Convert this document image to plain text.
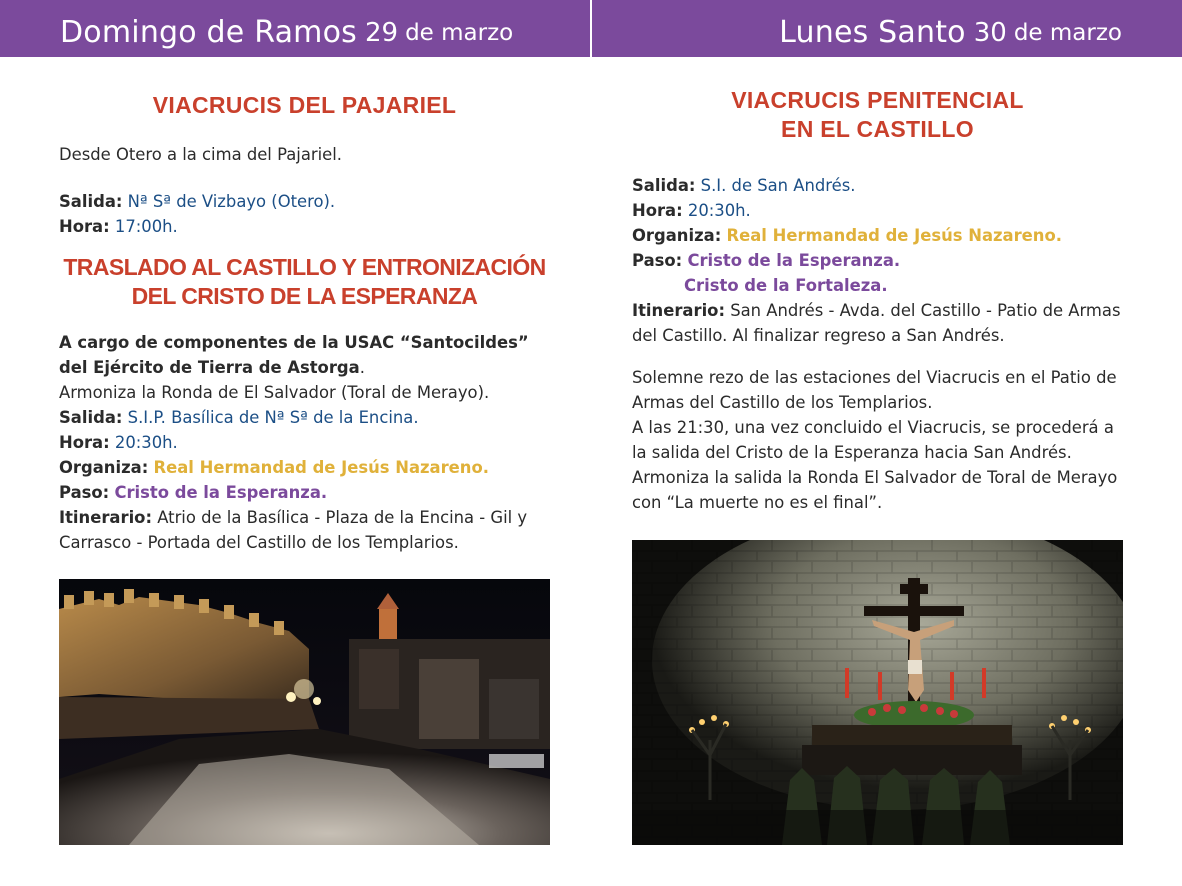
Domingo de Ramos 29 de marzo	Lunes Santo 30 de marzo
VIACRUCIS DEL PAJARIEL
Desde Otero a la cima del Pajariel.
Salida: Nª Sª de Vizbayo (Otero).
Hora: 17:00h.
TRASLADO AL CASTILLO Y ENTRONIZACIÓN
DEL CRISTO DE LA ESPERANZA
A cargo de componentes de la USAC “Santocildes” del Ejército de Tierra de Astorga.
Armoniza la Ronda de El Salvador (Toral de Merayo).
Salida: S.I.P. Basílica de Nª Sª de la Encina.
Hora: 20:30h.
Organiza: Real Hermandad de Jesús Nazareno.
Paso: Cristo de la Esperanza.
Itinerario: Atrio de la Basílica - Plaza de la Encina - Gil y Carrasco - Portada del Castillo de los Templarios.
VIACRUCIS PENITENCIAL
EN EL CASTILLO
Salida: S.I. de San Andrés.
Hora: 20:30h.
Organiza: Real Hermandad de Jesús Nazareno.
Paso: Cristo de la Esperanza.
Cristo de la Fortaleza.
Itinerario: San Andrés - Avda. del Castillo - Patio de Armas del Castillo. Al finalizar regreso a San Andrés.
Solemne rezo de las estaciones del Viacrucis en el Patio de Armas del Castillo de los Templarios.
A las 21:30, una vez concluido el Viacrucis, se procederá a la salida del Cristo de la Esperanza hacia San Andrés.
Armoniza la salida la Ronda El Salvador de Toral de Merayo con “La muerte no es el final”.
